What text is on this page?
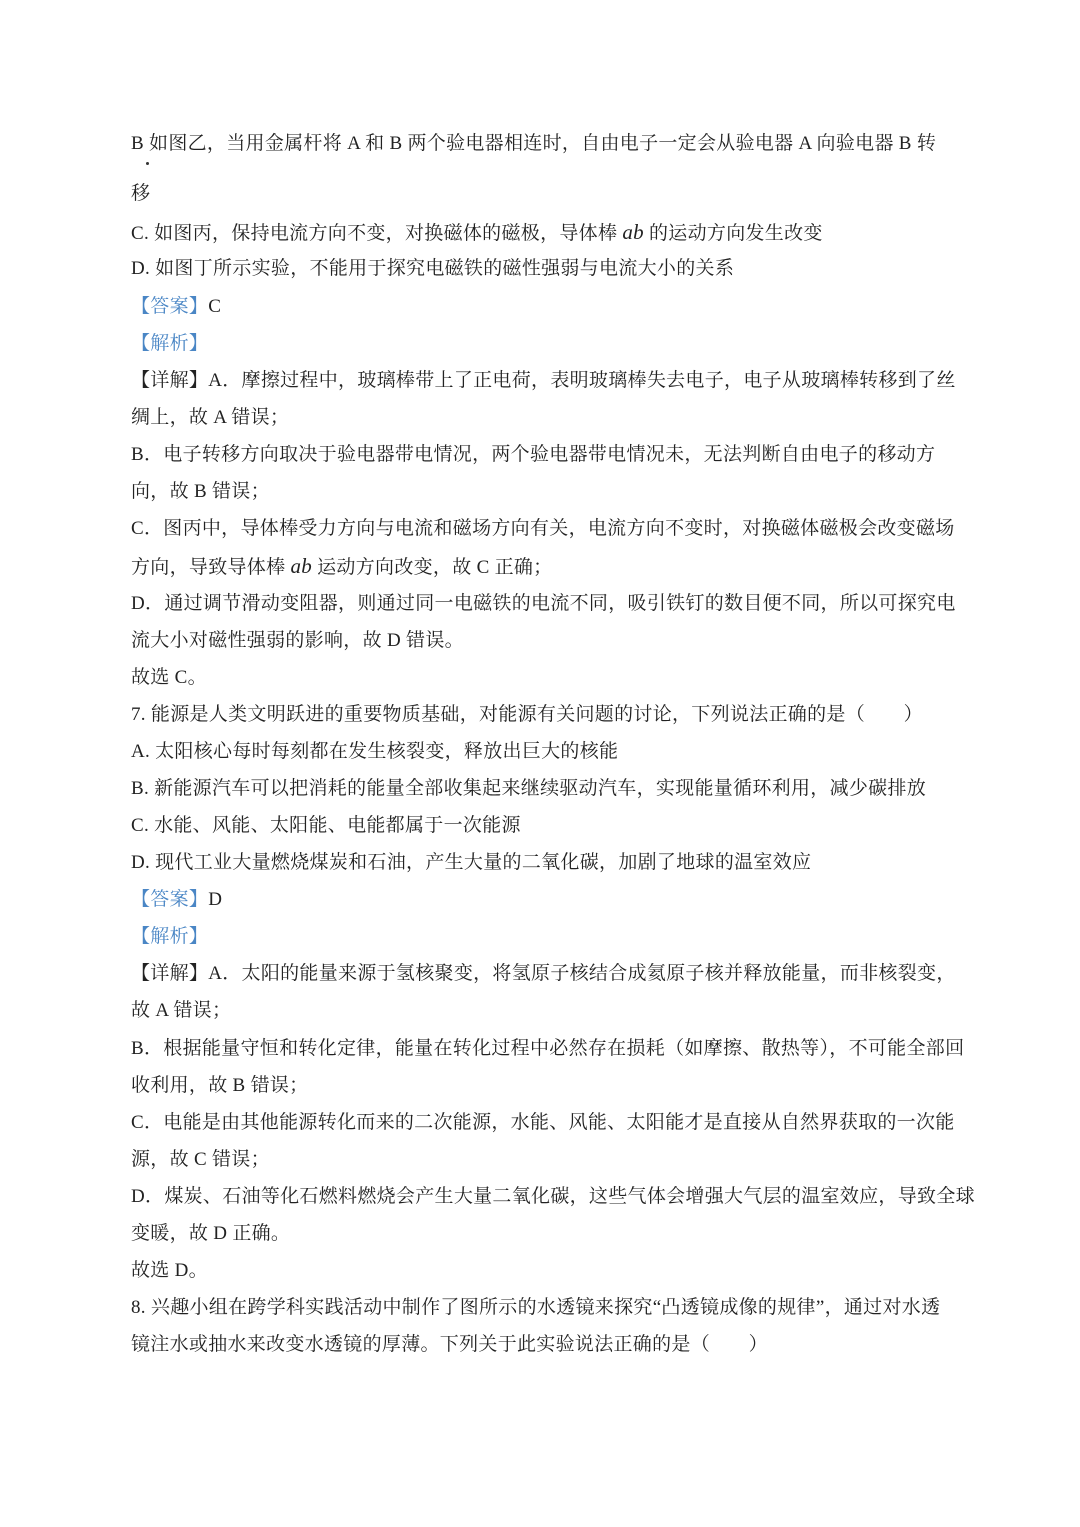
B 如图乙，当用金属杆将 A 和 B 两个验电器相连时，自由电子一定会从验电器 A 向验电器 B 转
移
C. 如图丙，保持电流方向不变，对换磁体的磁极，导体棒 ab 的运动方向发生改变
D. 如图丁所示实验，不能用于探究电磁铁的磁性强弱与电流大小的关系
【答案】C
【解析】
【详解】A．摩擦过程中，玻璃棒带上了正电荷，表明玻璃棒失去电子，电子从玻璃棒转移到了丝
绸上，故 A 错误；
B．电子转移方向取决于验电器带电情况，两个验电器带电情况未，无法判断自由电子的移动方
向，故 B 错误；
C．图丙中，导体棒受力方向与电流和磁场方向有关，电流方向不变时，对换磁体磁极会改变磁场
方向，导致导体棒 ab 运动方向改变，故 C 正确；
D．通过调节滑动变阻器，则通过同一电磁铁的电流不同，吸引铁钉的数目便不同，所以可探究电
流大小对磁性强弱的影响，故 D 错误。
故选 C。
7. 能源是人类文明跃进的重要物质基础，对能源有关问题的讨论，下列说法正确的是（　　）
A. 太阳核心每时每刻都在发生核裂变，释放出巨大的核能
B. 新能源汽车可以把消耗的能量全部收集起来继续驱动汽车，实现能量循环利用，减少碳排放
C. 水能、风能、太阳能、电能都属于一次能源
D. 现代工业大量燃烧煤炭和石油，产生大量的二氧化碳，加剧了地球的温室效应
【答案】D
【解析】
【详解】A．太阳的能量来源于氢核聚变，将氢原子核结合成氦原子核并释放能量，而非核裂变，
故 A 错误；
B．根据能量守恒和转化定律，能量在转化过程中必然存在损耗（如摩擦、散热等），不可能全部回
收利用，故 B 错误；
C．电能是由其他能源转化而来的二次能源，水能、风能、太阳能才是直接从自然界获取的一次能
源，故 C 错误；
D．煤炭、石油等化石燃料燃烧会产生大量二氧化碳，这些气体会增强大气层的温室效应，导致全球
变暖，故 D 正确。
故选 D。
8. 兴趣小组在跨学科实践活动中制作了图所示的水透镜来探究“凸透镜成像的规律”，通过对水透
镜注水或抽水来改变水透镜的厚薄。下列关于此实验说法正确的是（　　）
